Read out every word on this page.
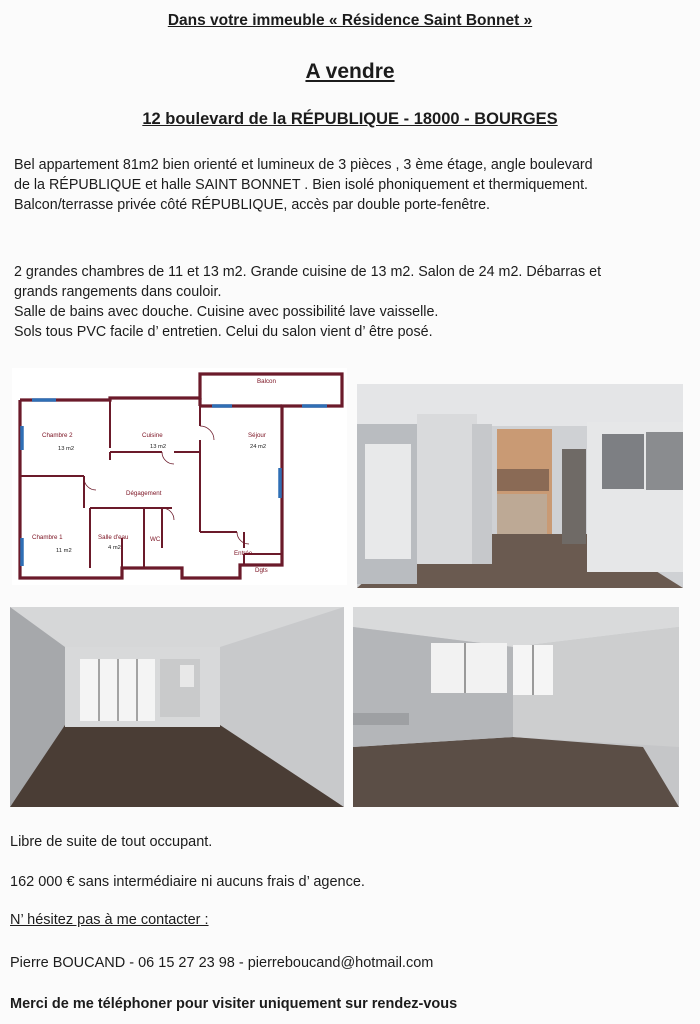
Dans votre immeuble « Résidence Saint Bonnet »
A vendre
12 boulevard de la RÉPUBLIQUE - 18000 - BOURGES
Bel appartement 81m2 bien orienté et lumineux de 3 pièces , 3 ème étage, angle boulevard
de la RÉPUBLIQUE et halle SAINT BONNET . Bien isolé phoniquement et thermiquement.
Balcon/terrasse privée côté RÉPUBLIQUE, accès par double porte-fenêtre.
2 grandes chambres de 11 et 13 m2. Grande cuisine de 13 m2. Salon de 24 m2. Débarras et
grands rangements dans couloir.
Salle de bains avec douche. Cuisine avec possibilité lave vaisselle.
Sols tous PVC facile d’ entretien. Celui du salon vient d’ être posé.
Balcon
Chambre 2
13 m2
Cuisine
13 m2
Séjour
24 m2
Dégagement
Chambre 1
11 m2
Salle d'eau
4 m2
WC
Entrée
Dgts
Libre de suite de tout occupant.
162 000 € sans intermédiaire ni aucuns frais d’ agence.
N’ hésitez pas à me contacter :
Pierre BOUCAND - 06 15 27 23 98 - pierreboucand@hotmail.com
Merci de me téléphoner pour visiter uniquement sur rendez-vous
